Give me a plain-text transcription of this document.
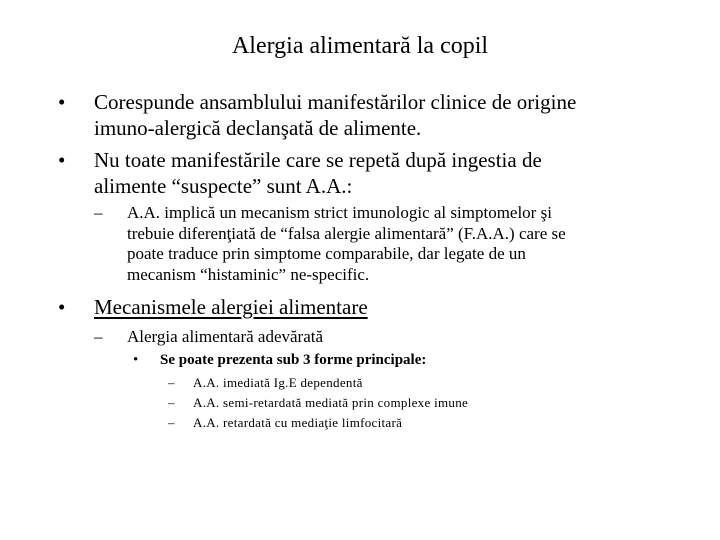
Alergia alimentară la copil
• Corespunde ansamblului manifestărilor clinice de origine
imuno-alergică declanşată de alimente.
• Nu toate manifestările care se repetă după ingestia de
alimente “suspecte” sunt A.A.:
– A.A. implică un mecanism strict imunologic al simptomelor şi
trebuie diferenţiată de “falsa alergie alimentară” (F.A.A.) care se
poate traduce prin simptome comparabile, dar legate de un
mecanism “histaminic” ne-specific.
• Mecanismele alergiei alimentare
– Alergia alimentară adevărată
• Se poate prezenta sub 3 forme principale:
– A.A. imediată Ig.E dependentă
– A.A. semi-retardată mediată prin complexe imune
– A.A. retardată cu mediaţie limfocitară
